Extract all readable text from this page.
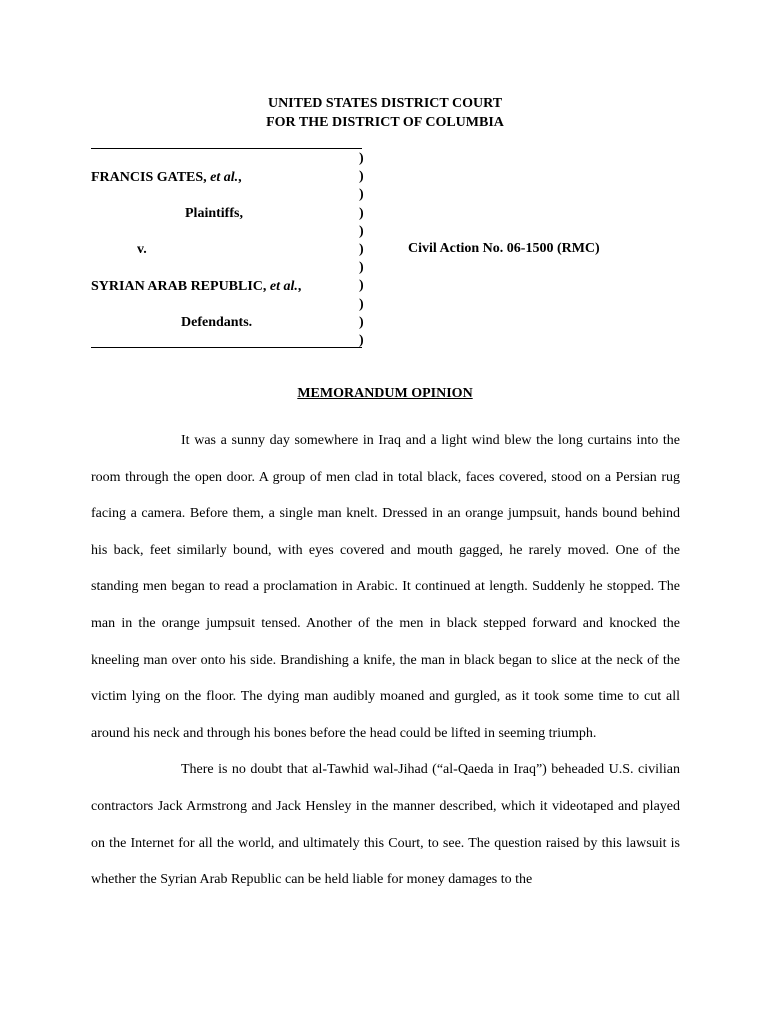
UNITED STATES DISTRICT COURT
FOR THE DISTRICT OF COLUMBIA
)
)
)
)
)
)
)
)
)
)
)
FRANCIS GATES, et al.,
Plaintiffs,
v.
SYRIAN ARAB REPUBLIC, et al.,
Defendants.
Civil Action No. 06-1500 (RMC)
MEMORANDUM OPINION

It was a sunny day somewhere in Iraq and a light wind blew the long curtains into the room through the open door. A group of men clad in total black, faces covered, stood on a Persian rug facing a camera. Before them, a single man knelt. Dressed in an orange jumpsuit, hands bound behind his back, feet similarly bound, with eyes covered and mouth gagged, he rarely moved. One of the standing men began to read a proclamation in Arabic. It continued at length. Suddenly he stopped. The man in the orange jumpsuit tensed. Another of the men in black stepped forward and knocked the kneeling man over onto his side. Brandishing a knife, the man in black began to slice at the neck of the victim lying on the floor. The dying man audibly moaned and gurgled, as it took some time to cut all around his neck and through his bones before the head could be lifted in seeming triumph.

There is no doubt that al-Tawhid wal-Jihad (“al-Qaeda in Iraq”) beheaded U.S. civilian contractors Jack Armstrong and Jack Hensley in the manner described, which it videotaped and played on the Internet for all the world, and ultimately this Court, to see. The question raised by this lawsuit is whether the Syrian Arab Republic can be held liable for money damages to the
